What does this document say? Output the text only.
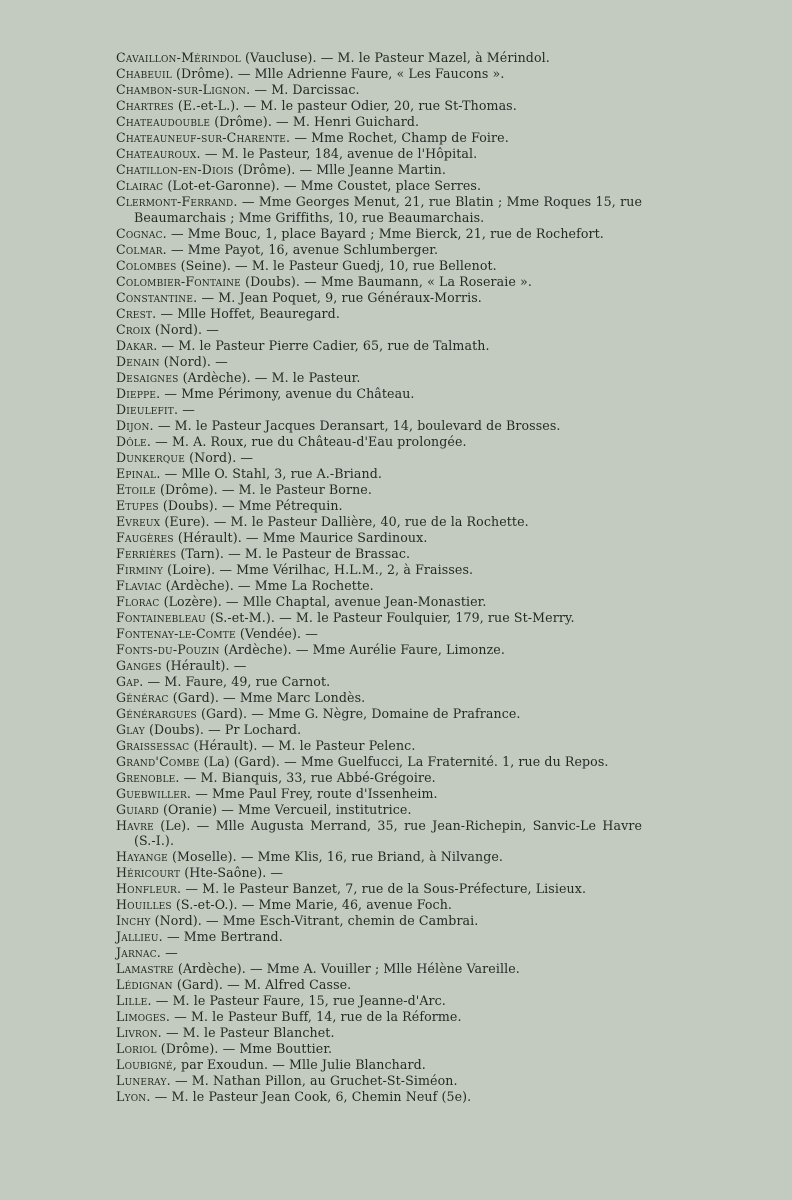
Cavaillon-Mérindol (Vaucluse). — M. le Pasteur Mazel, à Mérindol.

Chabeuil (Drôme). — Mlle Adrienne Faure, « Les Faucons ».

Chambon-sur-Lignon. — M. Darcissac.

Chartres (E.-et-L.). — M. le pasteur Odier, 20, rue St-Thomas.

Chateaudouble (Drôme). — M. Henri Guichard.

Chateauneuf-sur-Charente. — Mme Rochet, Champ de Foire.

Chateauroux. — M. le Pasteur, 184, avenue de l'Hôpital.

Chatillon-en-Diois (Drôme). — Mlle Jeanne Martin.

Clairac (Lot-et-Garonne). — Mme Coustet, place Serres.

Clermont-Ferrand. — Mme Georges Menut, 21, rue Blatin ; Mme Roques 15, rue Beaumarchais ; Mme Griffiths, 10, rue Beaumarchais.

Cognac. — Mme Bouc, 1, place Bayard ; Mme Bierck, 21, rue de Rochefort.

Colmar. — Mme Payot, 16, avenue Schlumberger.

Colombes (Seine). — M. le Pasteur Guedj, 10, rue Bellenot.

Colombier-Fontaine (Doubs). — Mme Baumann, « La Roseraie ».

Constantine. — M. Jean Poquet, 9, rue Généraux-Morris.

Crest. — Mlle Hoffet, Beauregard.

Croix (Nord). —

Dakar. — M. le Pasteur Pierre Cadier, 65, rue de Talmath.

Denain (Nord). —

Desaignes (Ardèche). — M. le Pasteur.

Dieppe. — Mme Périmony, avenue du Château.

Dieulefit. —

Dijon. — M. le Pasteur Jacques Deransart, 14, boulevard de Brosses.

Dôle. — M. A. Roux, rue du Château-d'Eau prolongée.

Dunkerque (Nord). —

Epinal. — Mlle O. Stahl, 3, rue A.-Briand.

Etoile (Drôme). — M. le Pasteur Borne.

Etupes (Doubs). — Mme Pétrequin.

Evreux (Eure). — M. le Pasteur Dallière, 40, rue de la Rochette.

Faugères (Hérault). — Mme Maurice Sardinoux.

Ferrières (Tarn). — M. le Pasteur de Brassac.

Firminy (Loire). — Mme Vérilhac, H.L.M., 2, à Fraisses.

Flaviac (Ardèche). — Mme La Rochette.

Florac (Lozère). — Mlle Chaptal, avenue Jean-Monastier.

Fontainebleau (S.-et-M.). — M. le Pasteur Foulquier, 179, rue St-Merry.

Fontenay-le-Comte (Vendée). —

Fonts-du-Pouzin (Ardèche). — Mme Aurélie Faure, Limonze.

Ganges (Hérault). —

Gap. — M. Faure, 49, rue Carnot.

Générac (Gard). — Mme Marc Londès.

Générargues (Gard). — Mme G. Nègre, Domaine de Prafrance.

Glay (Doubs). — Pr Lochard.

Graissessac (Hérault). — M. le Pasteur Pelenc.

Grand'Combe (La) (Gard). — Mme Guelfucci, La Fraternité. 1, rue du Repos.

Grenoble. — M. Bianquis, 33, rue Abbé-Grégoire.

Guebwiller. — Mme Paul Frey, route d'Issenheim.

Guiard (Oranie) — Mme Vercueil, institutrice.

Havre (Le). — Mlle Augusta Merrand, 35, rue Jean-Richepin, Sanvic-Le Havre (S.-I.).

Hayange (Moselle). — Mme Klis, 16, rue Briand, à Nilvange.

Héricourt (Hte-Saône). —

Honfleur. — M. le Pasteur Banzet, 7, rue de la Sous-Préfecture, Lisieux.

Houilles (S.-et-O.). — Mme Marie, 46, avenue Foch.

Inchy (Nord). — Mme Esch-Vitrant, chemin de Cambrai.

Jallieu. — Mme Bertrand.

Jarnac. —

Lamastre (Ardèche). — Mme A. Vouiller ; Mlle Hélène Vareille.

Lédignan (Gard). — M. Alfred Casse.

Lille. — M. le Pasteur Faure, 15, rue Jeanne-d'Arc.

Limoges. — M. le Pasteur Buff, 14, rue de la Réforme.

Livron. — M. le Pasteur Blanchet.

Loriol (Drôme). — Mme Bouttier.

Loubigné, par Exoudun. — Mlle Julie Blanchard.

Luneray. — M. Nathan Pillon, au Gruchet-St-Siméon.

Lyon. — M. le Pasteur Jean Cook, 6, Chemin Neuf (5e).
